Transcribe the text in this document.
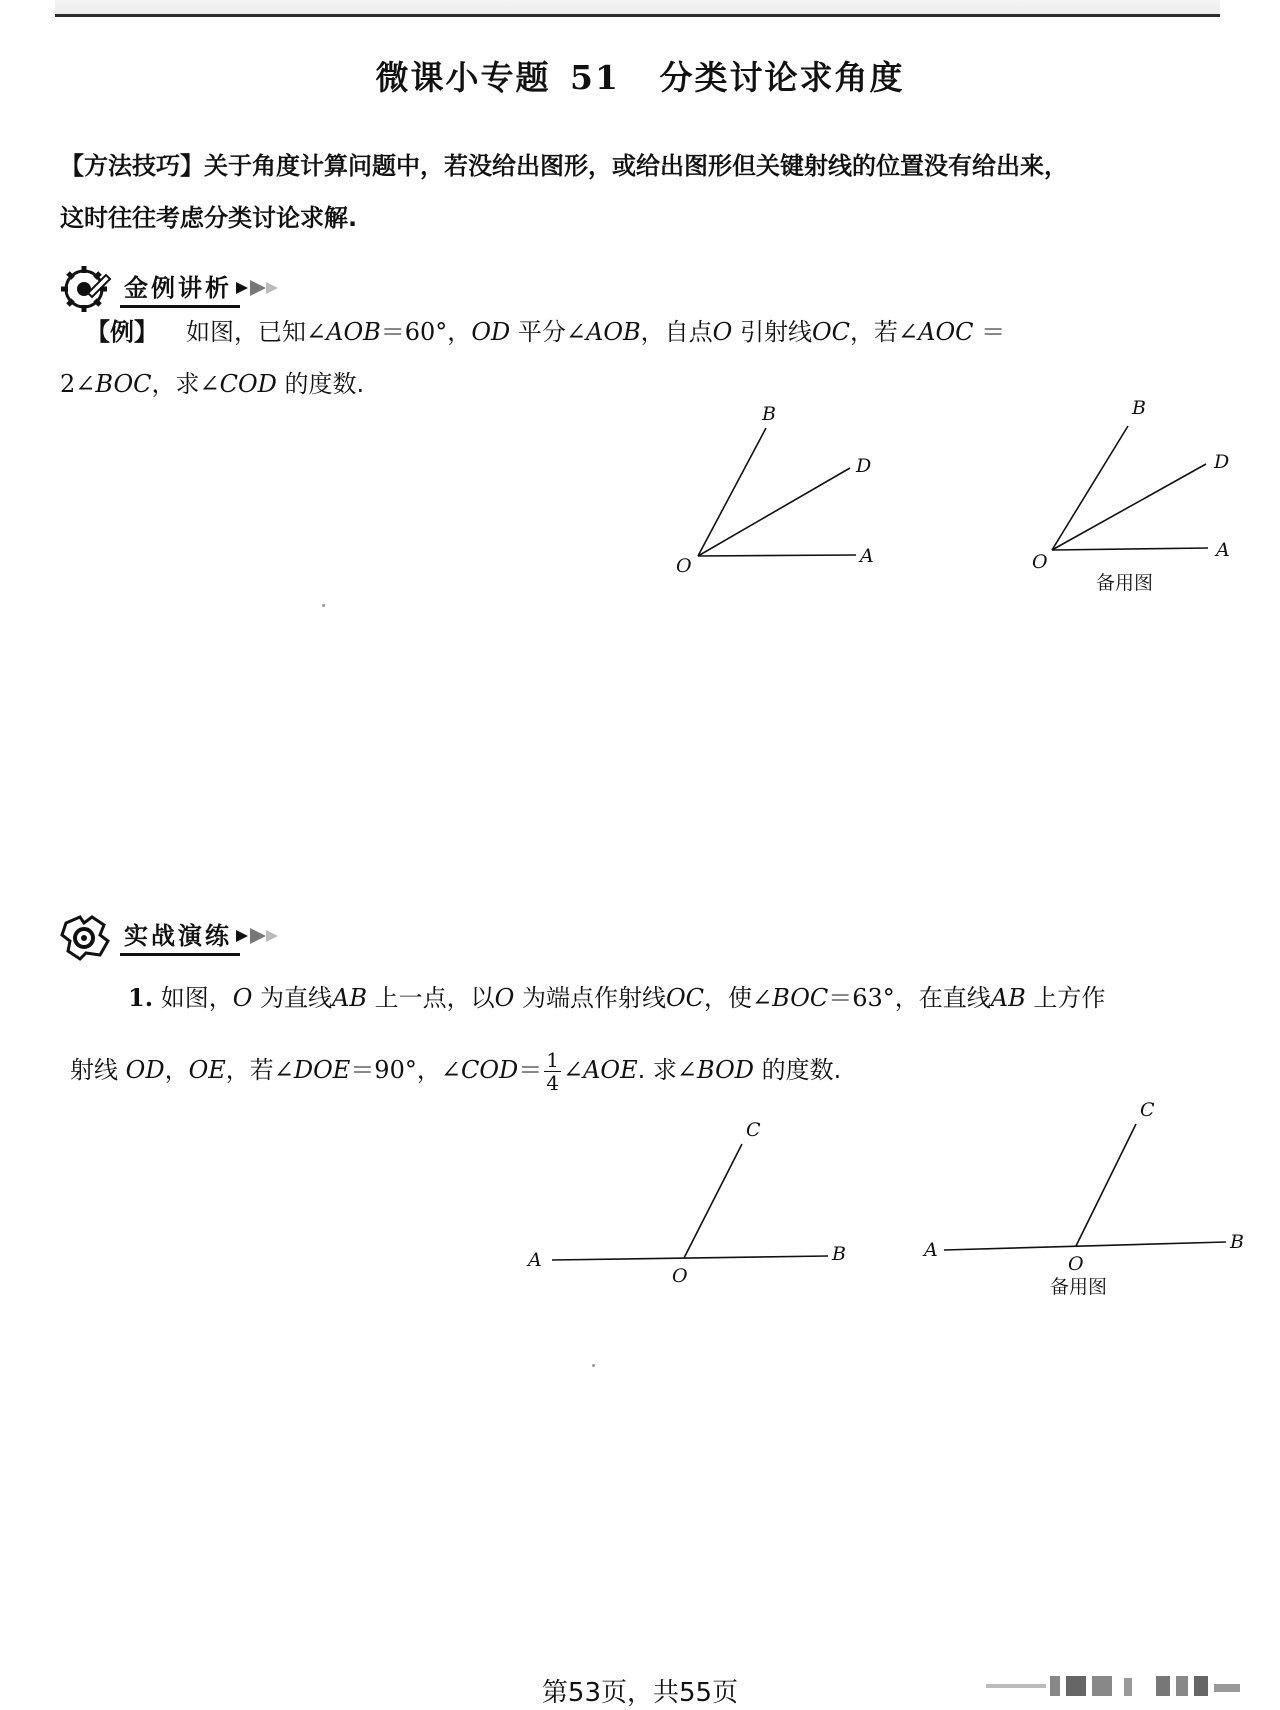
微课小专题 51 分类讨论求角度
【方法技巧】关于角度计算问题中，若没给出图形，或给出图形但关键射线的位置没有给出来，
这时往往考虑分类讨论求解.
金例讲析
【例】 如图，已知∠AOB＝60°，OD 平分∠AOB，自点O 引射线OC，若∠AOC ＝
2∠BOC，求∠COD 的度数.
B
D
O	A
B
D
O
A
备用图
实战演练
1. 如图，O 为直线AB 上一点，以O 为端点作射线OC，使∠BOC＝63°，在直线AB 上方作
射线 OD，OE，若∠DOE＝90°，∠COD＝ $\frac{1}{4}$ ∠AOE. 求∠BOD 的度数.
C
A	B
O
C
A	B
O
备用图
第53页，共55页
